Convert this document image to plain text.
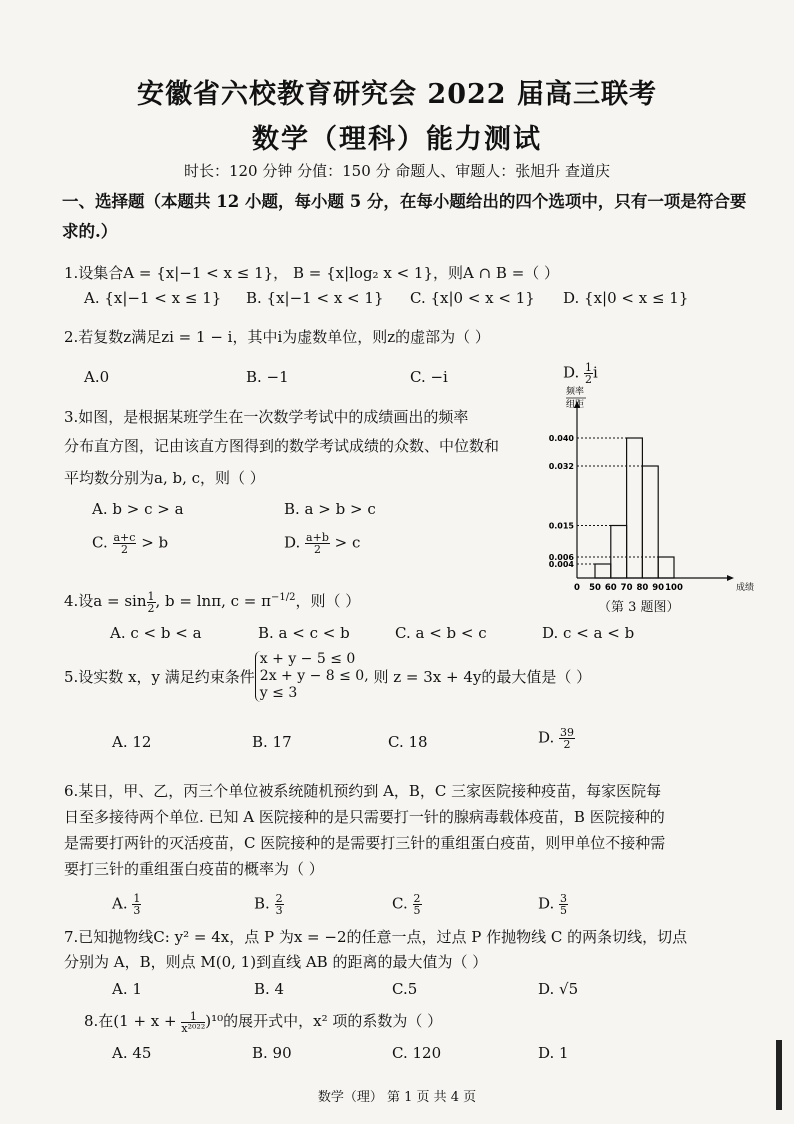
安徽省六校教育研究会 2022 届高三联考
数学（理科）能力测试
时长：120 分钟 分值：150 分 命题人、审题人：张旭升 查道庆
一、选择题（本题共 12 小题，每小题 5 分，在每小题给出的四个选项中，只有一项是符合要求的.）
1.设集合A = {x|−1 < x ≤ 1}， B = {x|log₂ x < 1}，则A ∩ B =（ ）
A. {x|−1 < x ≤ 1} B. {x|−1 < x < 1} C. {x|0 < x < 1} D. {x|0 < x ≤ 1}
2.若复数z满足zi = 1 − i，其中i为虚数单位，则z的虚部为（ ）
A.0	B. −1	C. −i	D. $\frac{1}{2}$ i
3.如图，是根据某班学生在一次数学考试中的成绩画出的频率
分布直方图，记由该直方图得到的数学考试成绩的众数、中位数和
平均数分别为a, b, c，则（ ）
A. b > c > a	B. a > b > c
C. $\frac{a+c}{2} > b$	D. $\frac{a+b}{2} > c$
频率
组距
0.040
0.032
0.015
0.006
0.004
0 50 60 70 80 90 100	成绩
（第 3 题图）
4.设$a = \sin \frac{1}{2}$ , b = lnπ, $c = \pi^{-1/2}$，则（ ）
A. c < b < a	B. a < c < b	C. a < b < c	D. c < a < b
5.设实数 x，y 满足约束条件
x + y − 5 ≤ 0
2x + y − 8 ≤ 0,
y ≤ 3
则 z = 3x + 4y的最大值是（ ）
A. 12	B. 17	C. 18	D. $\frac{39}{2}$
6.某日，甲、乙，丙三个单位被系统随机预约到 A，B，C 三家医院接种疫苗，每家医院每
日至多接待两个单位. 已知 A 医院接种的是只需要打一针的腺病毒载体疫苗，B 医院接种的
是需要打两针的灭活疫苗，C 医院接种的是需要打三针的重组蛋白疫苗，则甲单位不接种需
要打三针的重组蛋白疫苗的概率为（ ）
A. $\frac{1}{3}$	B. $\frac{2}{3}$	C. $\frac{2}{5}$	D. $\frac{3}{5}$
7.已知抛物线C: y² = 4x，点 P 为x = −2的任意一点，过点 P 作抛物线 C 的两条切线，切点
分别为 A，B，则点 M(0, 1)到直线 AB 的距离的最大值为（ ）
A. 1	B. 4	C.5	D. √5
8.在$(1 + x + \frac{1}{\text{x²⁰²²}} )^{10}$的展开式中，x² 项的系数为（ ）
A. 45	B. 90	C. 120	D. 1
数学（理） 第 1 页 共 4 页
